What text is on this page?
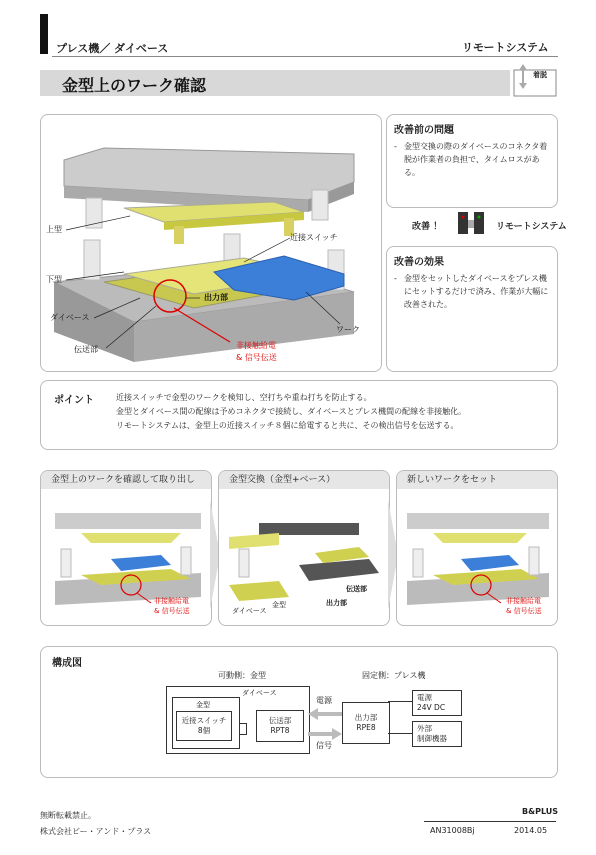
プレス機／ ダイベース	リモートシステム
金型上のワーク確認
着脱
上型
下型
ダイベース
伝送部
近接スイッチ
出力部
ワーク
非接触給電
& 信号伝送
改善前の問題
- 金型交換の際のダイベースのコネクタ着脱が作業者の負担で、タイムロスがある。
改善 ！	リモートシステム
改善の効果
- 金型をセットしたダイベースをプレス機にセットするだけで済み、作業が大幅に改善された。
ポイント	近接スイッチで金型のワークを検知し、空打ちや重ね打ちを防止する。
金型とダイベース間の配線は予めコネクタで接続し、ダイベースとプレス機間の配線を非接触化。
リモートシステムは、金型上の近接スイッチ８個に給電すると共に、その検出信号を伝送する。
金型上のワークを確認して取り出し
非接触給電
& 信号伝送
金型交換（金型+ベース）
ダイベース
金型	出力部
伝送部
新しいワークをセット
非接触給電
& 信号伝送
構成図
可動側：金型	固定側：プレス機
ダイベース
金型
近接スイッチ
8個
伝送部
RPT8
電源
信号
出力部
RPE8
電源
24V DC
外部
制御機器
無断転載禁止。
株式会社ビー・アンド・プラス
B&PLUS
AN31008Bj	2014.05
